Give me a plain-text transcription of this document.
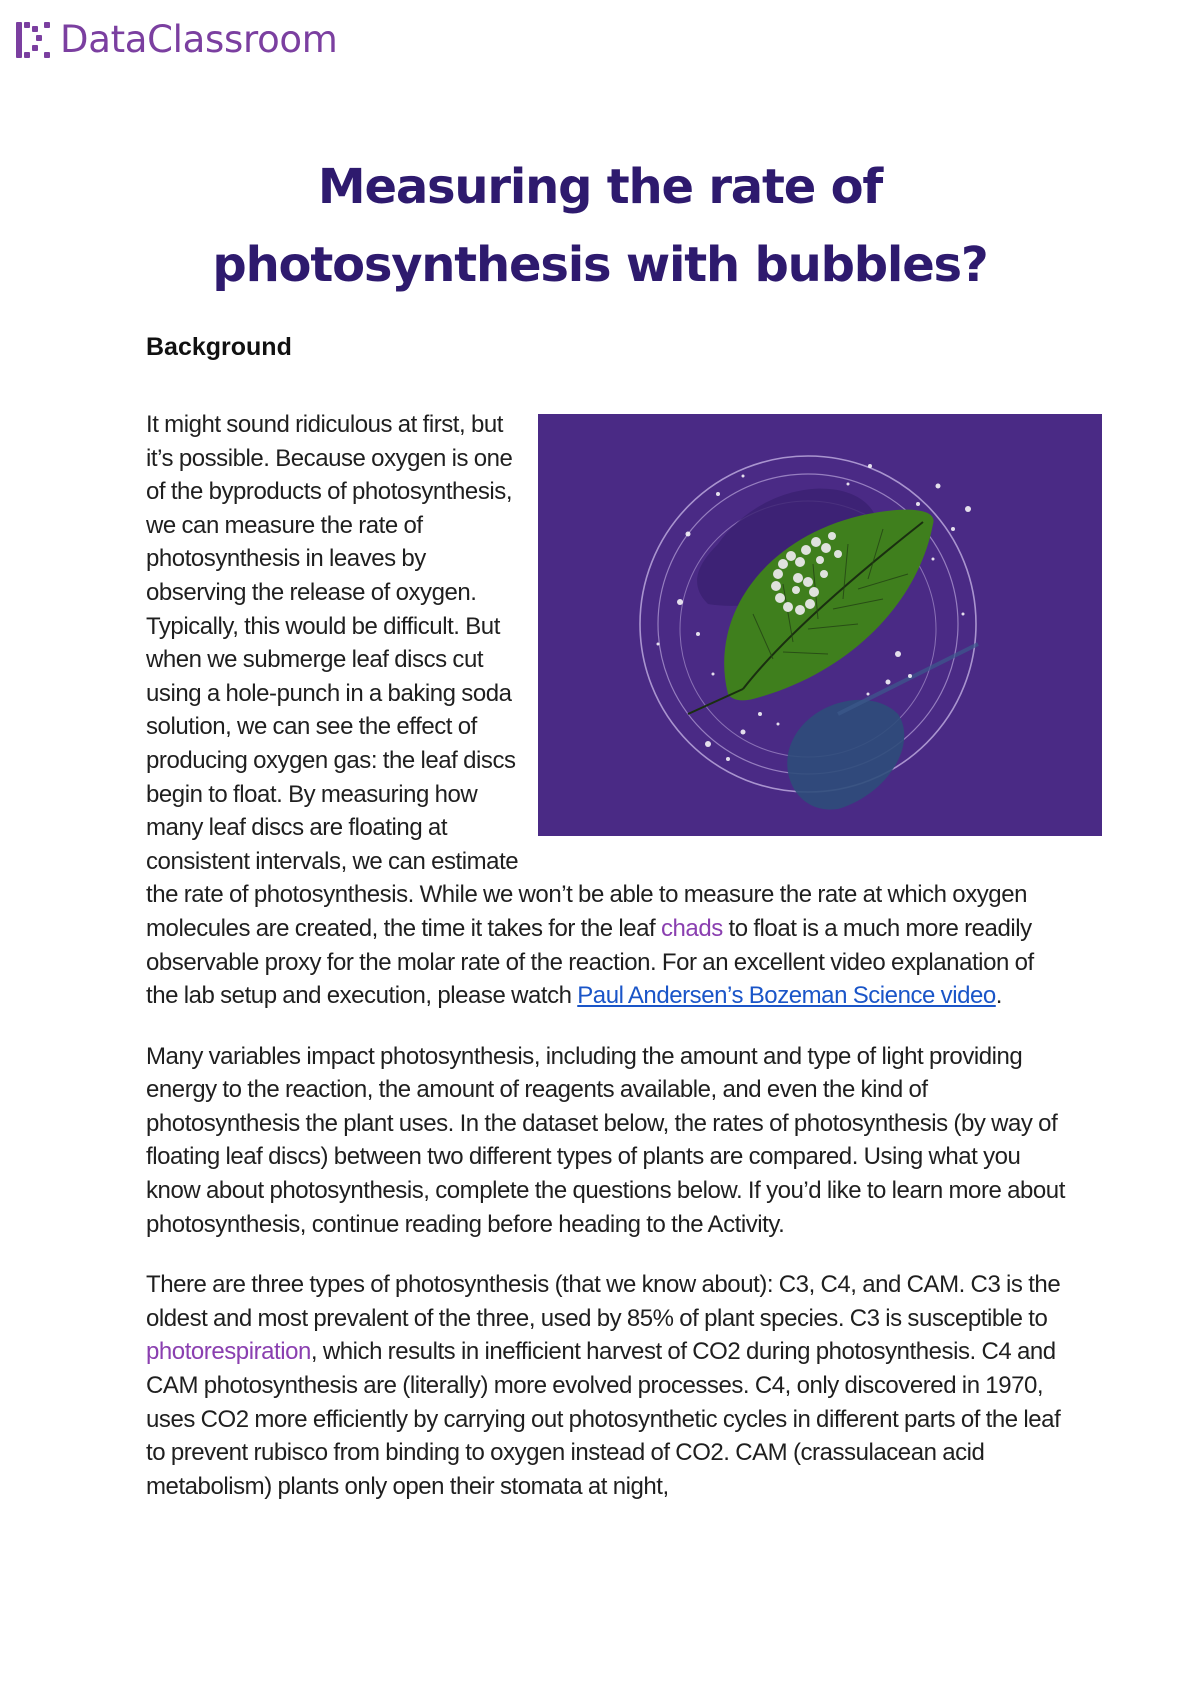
DataClassroom
Measuring the rate of
photosynthesis with bubbles?
Background

It might sound ridiculous at first, but it’s possible. Because oxygen is one of the byproducts of photosynthesis, we can measure the rate of photosynthesis in leaves by observing the release of oxygen. Typically, this would be difficult. But when we submerge leaf discs cut using a hole-punch in a baking soda solution, we can see the effect of producing oxygen gas: the leaf discs begin to float. By measuring how many leaf discs are floating at consistent intervals, we can estimate the rate of photosynthesis. While we won’t be able to measure the rate at which oxygen molecules are created, the time it takes for the leaf chads to float is a much more readily observable proxy for the molar rate of the reaction. For an excellent video explanation of the lab setup and execution, please watch Paul Andersen’s Bozeman Science video.

Many variables impact photosynthesis, including the amount and type of light providing energy to the reaction, the amount of reagents available, and even the kind of photosynthesis the plant uses. In the dataset below, the rates of photosynthesis (by way of floating leaf discs) between two different types of plants are compared. Using what you know about photosynthesis, complete the questions below. If you’d like to learn more about photosynthesis, continue reading before heading to the Activity.

There are three types of photosynthesis (that we know about): C3, C4, and CAM. C3 is the oldest and most prevalent of the three, used by 85% of plant species. C3 is susceptible to photorespiration, which results in inefficient harvest of CO2 during photosynthesis. C4 and CAM photosynthesis are (literally) more evolved processes. C4, only discovered in 1970, uses CO2 more efficiently by carrying out photosynthetic cycles in different parts of the leaf to prevent rubisco from binding to oxygen instead of CO2. CAM (crassulacean acid metabolism) plants only open their stomata at night,
